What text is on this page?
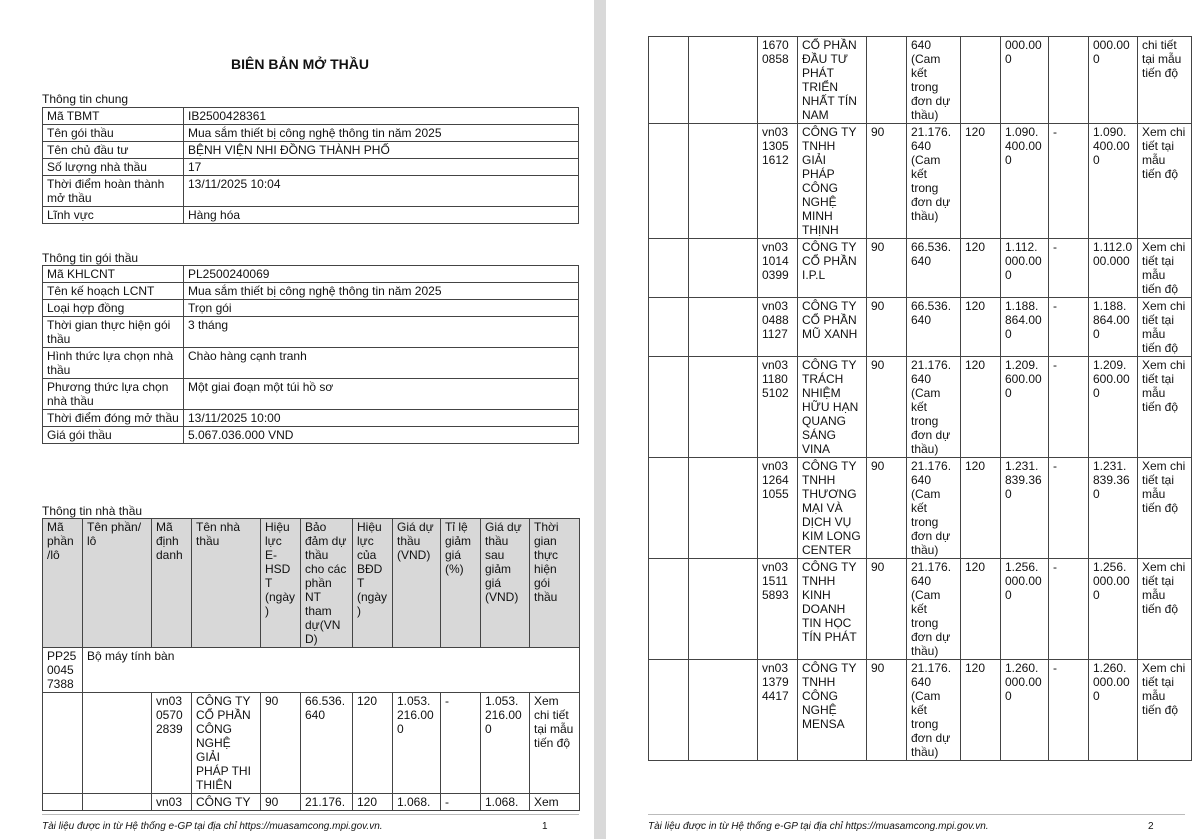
BIÊN BẢN MỞ THẦU
Thông tin chung
Mã TBMT	IB2500428361
Tên gói thầu	Mua sắm thiết bị công nghệ thông tin năm 2025
Tên chủ đầu tư	BỆNH VIỆN NHI ĐỒNG THÀNH PHỐ
Số lượng nhà thầu	17
Thời điểm hoàn thành mở thầu	13/11/2025 10:04
Lĩnh vực	Hàng hóa
Thông tin gói thầu
Mã KHLCNT	PL2500240069
Tên kế hoạch LCNT	Mua sắm thiết bị công nghệ thông tin năm 2025
Loại hợp đồng	Trọn gói
Thời gian thực hiện gói thầu	3 tháng
Hình thức lựa chọn nhà thầu	Chào hàng cạnh tranh
Phương thức lựa chọn nhà thầu	Một giai đoạn một túi hồ sơ
Thời điểm đóng mở thầu	13/11/2025 10:00
Giá gói thầu	5.067.036.000 VND
Thông tin nhà thầu
Mã phần /lô	Tên phần/ lô	Mã định danh	Tên nhà thầu	Hiệu lực E-HSDT (ngày)	Bảo đảm dự thầu cho các phần NT tham dự(VND)	Hiệu lực của BĐDT (ngày)	Giá dự thầu (VND)	Tỉ lệ giảm giá (%)	Giá dự thầu sau giảm giá (VND)	Thời gian thực hiện gói thầu
PP2500457388	Bộ máy tính bàn									
		vn0305702839	CÔNG TY CỔ PHẦN CÔNG NGHỆ GIẢI PHÁP THI THIÊN	90	66.536.640	120	1.053.216.000	-	1.053.216.000	Xem chi tiết tại mẫu tiến độ
		vn03	CÔNG TY	90	21.176.	120	1.068.	-	1.068.	Xem
Tài liệu được in từ Hệ thống e-GP tại địa chỉ https://muasamcong.mpi.gov.vn.	1
		16700858	CỔ PHẦN ĐẦU TƯ PHÁT TRIỂN NHẤT TÍN NAM		640 (Cam kết trong đơn dự thầu)		000.000		000.000	chi tiết tại mẫu tiến độ
		vn0313051612	CÔNG TY TNHH GIẢI PHÁP CÔNG NGHỆ MINH THỊNH	90	21.176.640 (Cam kết trong đơn dự thầu)	120	1.090.400.000	-	1.090.400.000	Xem chi tiết tại mẫu tiến độ
		vn0310140399	CÔNG TY CỔ PHẦN I.P.L	90	66.536.640	120	1.112.000.000	-	1.112.000.000	Xem chi tiết tại mẫu tiến độ
		vn0304881127	CÔNG TY CỔ PHẦN MŨ XANH	90	66.536.640	120	1.188.864.000	-	1.188.864.000	Xem chi tiết tại mẫu tiến độ
		vn0311805102	CÔNG TY TRÁCH NHIỆM HỮU HẠN QUANG SÁNG VINA	90	21.176.640 (Cam kết trong đơn dự thầu)	120	1.209.600.000	-	1.209.600.000	Xem chi tiết tại mẫu tiến độ
		vn0312641055	CÔNG TY TNHH THƯƠNG MẠI VÀ DỊCH VỤ KIM LONG CENTER	90	21.176.640 (Cam kết trong đơn dự thầu)	120	1.231.839.360	-	1.231.839.360	Xem chi tiết tại mẫu tiến độ
		vn0315115893	CÔNG TY TNHH KINH DOANH TIN HỌC TÍN PHÁT	90	21.176.640 (Cam kết trong đơn dự thầu)	120	1.256.000.000	-	1.256.000.000	Xem chi tiết tại mẫu tiến độ
		vn0313794417	CÔNG TY TNHH CÔNG NGHỆ MENSA	90	21.176.640 (Cam kết trong đơn dự thầu)	120	1.260.000.000	-	1.260.000.000	Xem chi tiết tại mẫu tiến độ
Tài liệu được in từ Hệ thống e-GP tại địa chỉ https://muasamcong.mpi.gov.vn.	2
